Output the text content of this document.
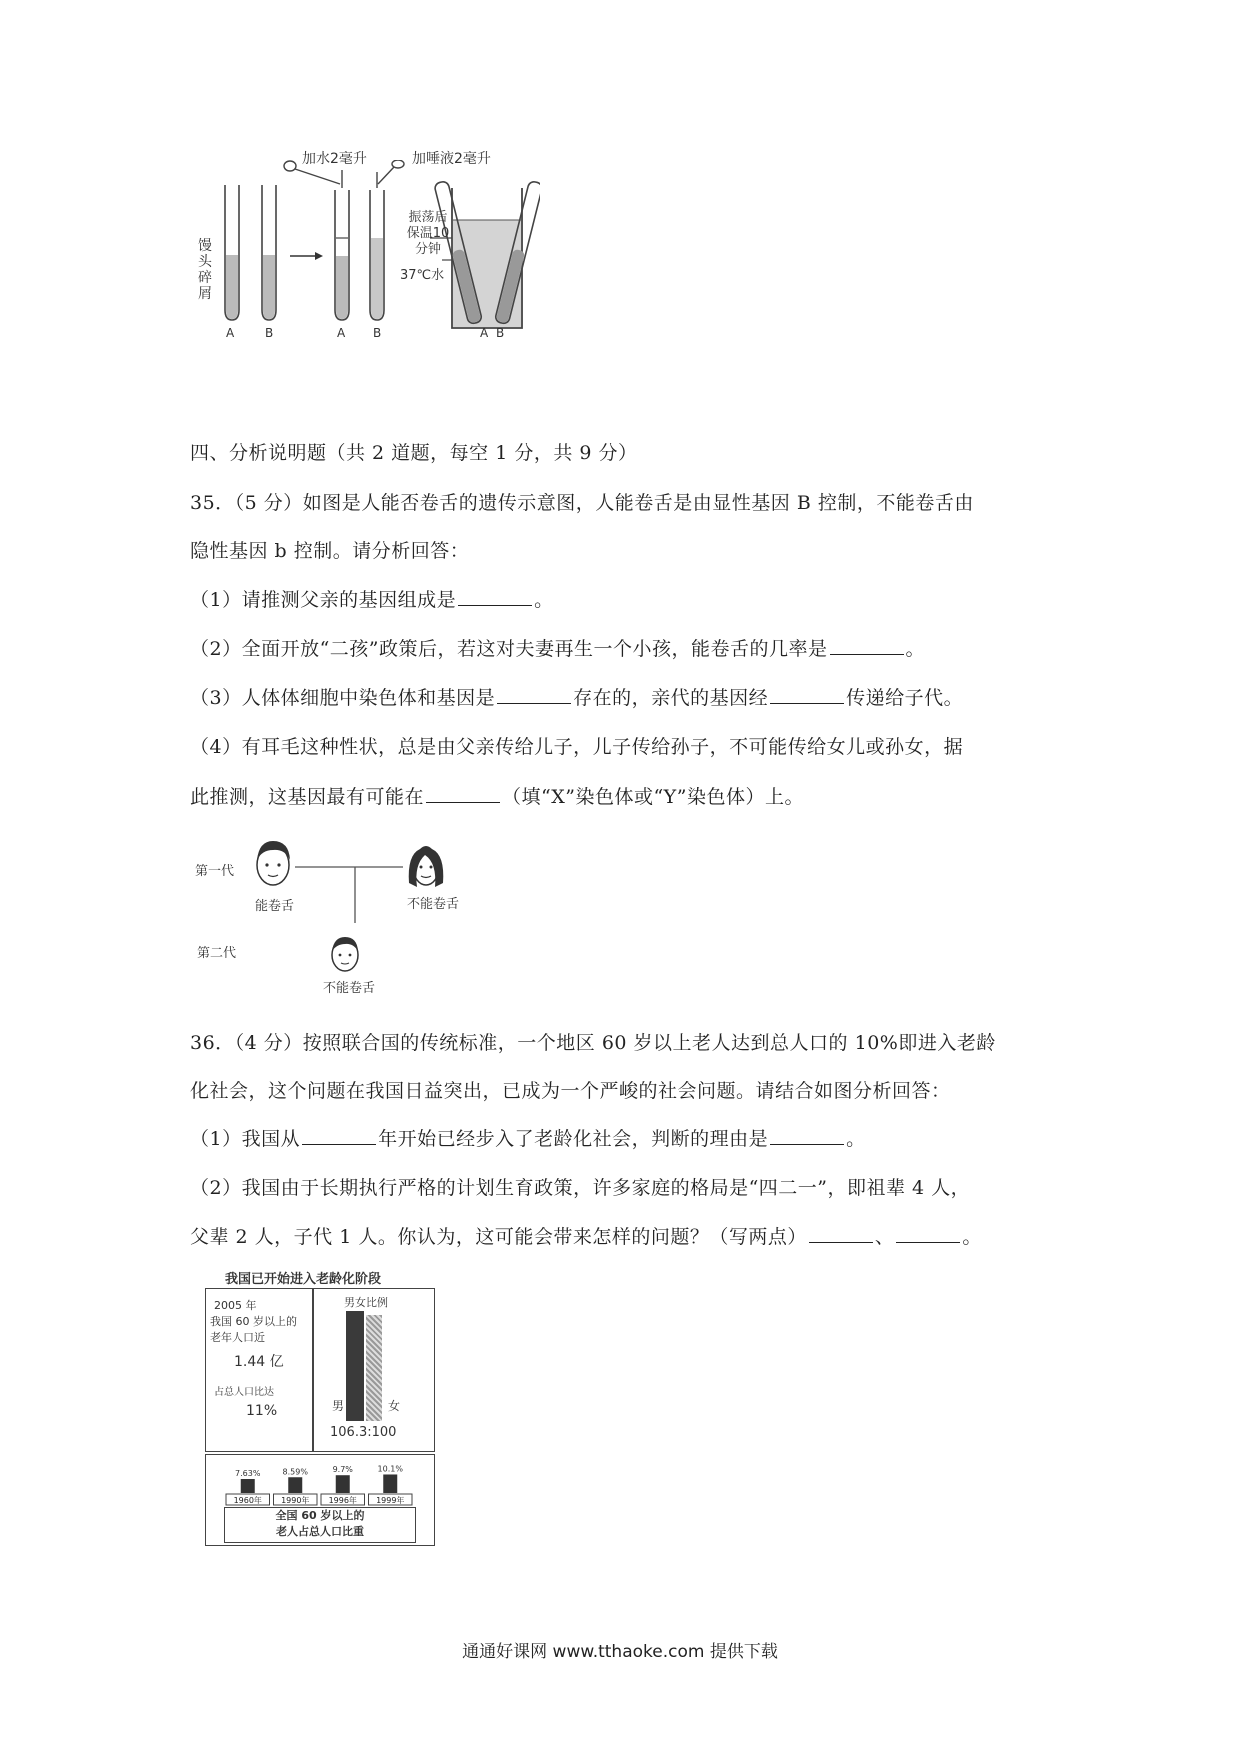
加水2毫升	加唾液2毫升
馒头碎屑
振荡后
保温10
分钟
37℃水
A	B	A B	A B
四、分析说明题（共 2 道题，每空 1 分，共 9 分）
35．（5 分）如图是人能否卷舌的遗传示意图，人能卷舌是由显性基因 B 控制，不能卷舌由
隐性基因 b 控制。请分析回答：
（1）请推测父亲的基因组成是	。
（2）全面开放“二孩”政策后，若这对夫妻再生一个小孩，能卷舌的几率是	。
（3）人体体细胞中染色体和基因是	存在的，亲代的基因经	传递给子代。
（4）有耳毛这种性状，总是由父亲传给儿子，儿子传给孙子，不可能传给女儿或孙女，据
此推测，这基因最有可能在	（填“X”染色体或“Y”染色体）上。
第一代
第二代
能卷舌	不能卷舌
不能卷舌
36．（4 分）按照联合国的传统标准，一个地区 60 岁以上老人达到总人口的 10%即进入老龄
化社会，这个问题在我国日益突出，已成为一个严峻的社会问题。请结合如图分析回答：
（1）我国从	年开始已经步入了老龄化社会，判断的理由是	。
（2）我国由于长期执行严格的计划生育政策，许多家庭的格局是“四二一”，即祖辈 4 人，
父辈 2 人，子代 1 人。你认为，这可能会带来怎样的问题？（写两点）	、	。
我国已开始进入老龄化阶段
2005 年
我国 60 岁以上的
老年人口近
1.44 亿
占总人口比达
11%
男女比例
男	女
106.3:100
7.63%
1960年
8.59%
1990年
9.7%
1996年
10.1%
1999年
全国 60 岁以上的
老人占总人口比重
通通好课网 www.tthaoke.com 提供下载
